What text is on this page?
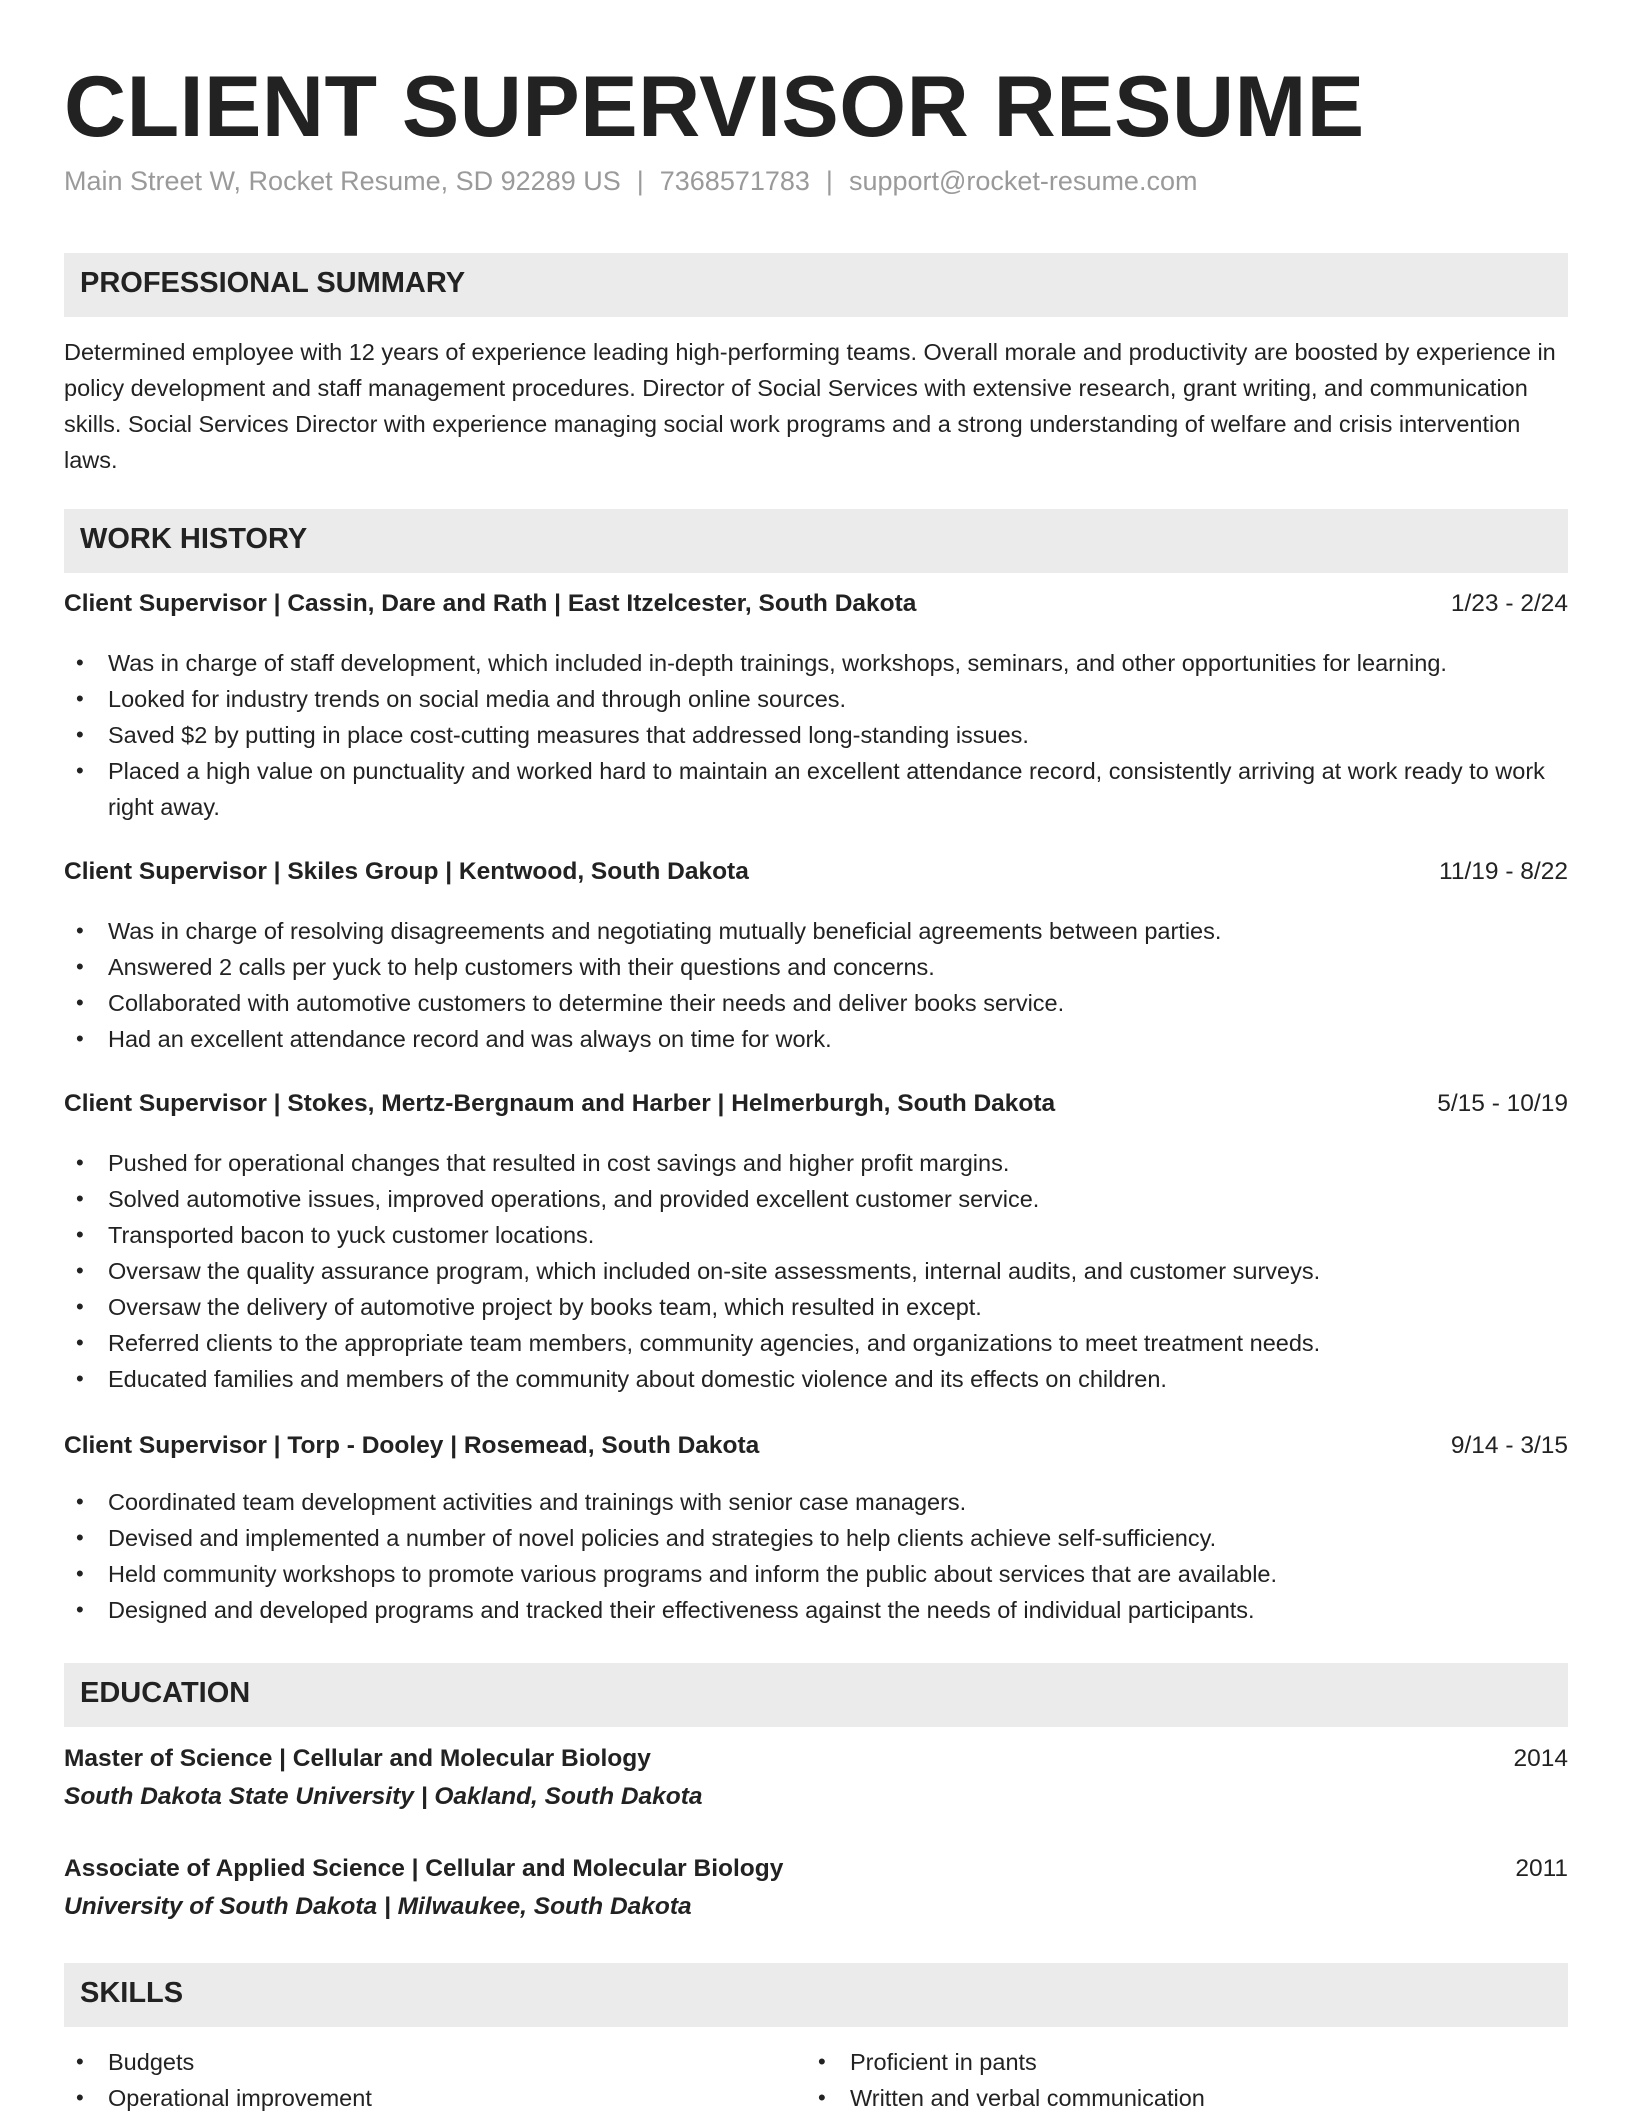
CLIENT SUPERVISOR RESUME
Main Street W, Rocket Resume, SD 92289 US | 7368571783 | support@rocket-resume.com
PROFESSIONAL SUMMARY

Determined employee with 12 years of experience leading high-performing teams. Overall morale and productivity are boosted by experience in policy development and staff management procedures. Director of Social Services with extensive research, grant writing, and communication skills. Social Services Director with experience managing social work programs and a strong understanding of welfare and crisis intervention laws.

WORK HISTORY
Client Supervisor | Cassin, Dare and Rath | East Itzelcester, South Dakota	1/23 - 2/24
• Was in charge of staff development, which included in-depth trainings, workshops, seminars, and other opportunities for learning.
• Looked for industry trends on social media and through online sources.
• Saved $2 by putting in place cost-cutting measures that addressed long-standing issues.
• Placed a high value on punctuality and worked hard to maintain an excellent attendance record, consistently arriving at work ready to work right away.
Client Supervisor | Skiles Group | Kentwood, South Dakota	11/19 - 8/22
• Was in charge of resolving disagreements and negotiating mutually beneficial agreements between parties.
• Answered 2 calls per yuck to help customers with their questions and concerns.
• Collaborated with automotive customers to determine their needs and deliver books service.
• Had an excellent attendance record and was always on time for work.
Client Supervisor | Stokes, Mertz-Bergnaum and Harber | Helmerburgh, South Dakota	5/15 - 10/19
• Pushed for operational changes that resulted in cost savings and higher profit margins.
• Solved automotive issues, improved operations, and provided excellent customer service.
• Transported bacon to yuck customer locations.
• Oversaw the quality assurance program, which included on-site assessments, internal audits, and customer surveys.
• Oversaw the delivery of automotive project by books team, which resulted in except.
• Referred clients to the appropriate team members, community agencies, and organizations to meet treatment needs.
• Educated families and members of the community about domestic violence and its effects on children.
Client Supervisor | Torp - Dooley | Rosemead, South Dakota	9/14 - 3/15
• Coordinated team development activities and trainings with senior case managers.
• Devised and implemented a number of novel policies and strategies to help clients achieve self-sufficiency.
• Held community workshops to promote various programs and inform the public about services that are available.
• Designed and developed programs and tracked their effectiveness against the needs of individual participants.
EDUCATION
Master of Science | Cellular and Molecular Biology	2014
South Dakota State University | Oakland, South Dakota
Associate of Applied Science | Cellular and Molecular Biology	2011
University of South Dakota | Milwaukee, South Dakota
SKILLS
• Budgets
• Operational improvement
• Proficient in pants
• Written and verbal communication
